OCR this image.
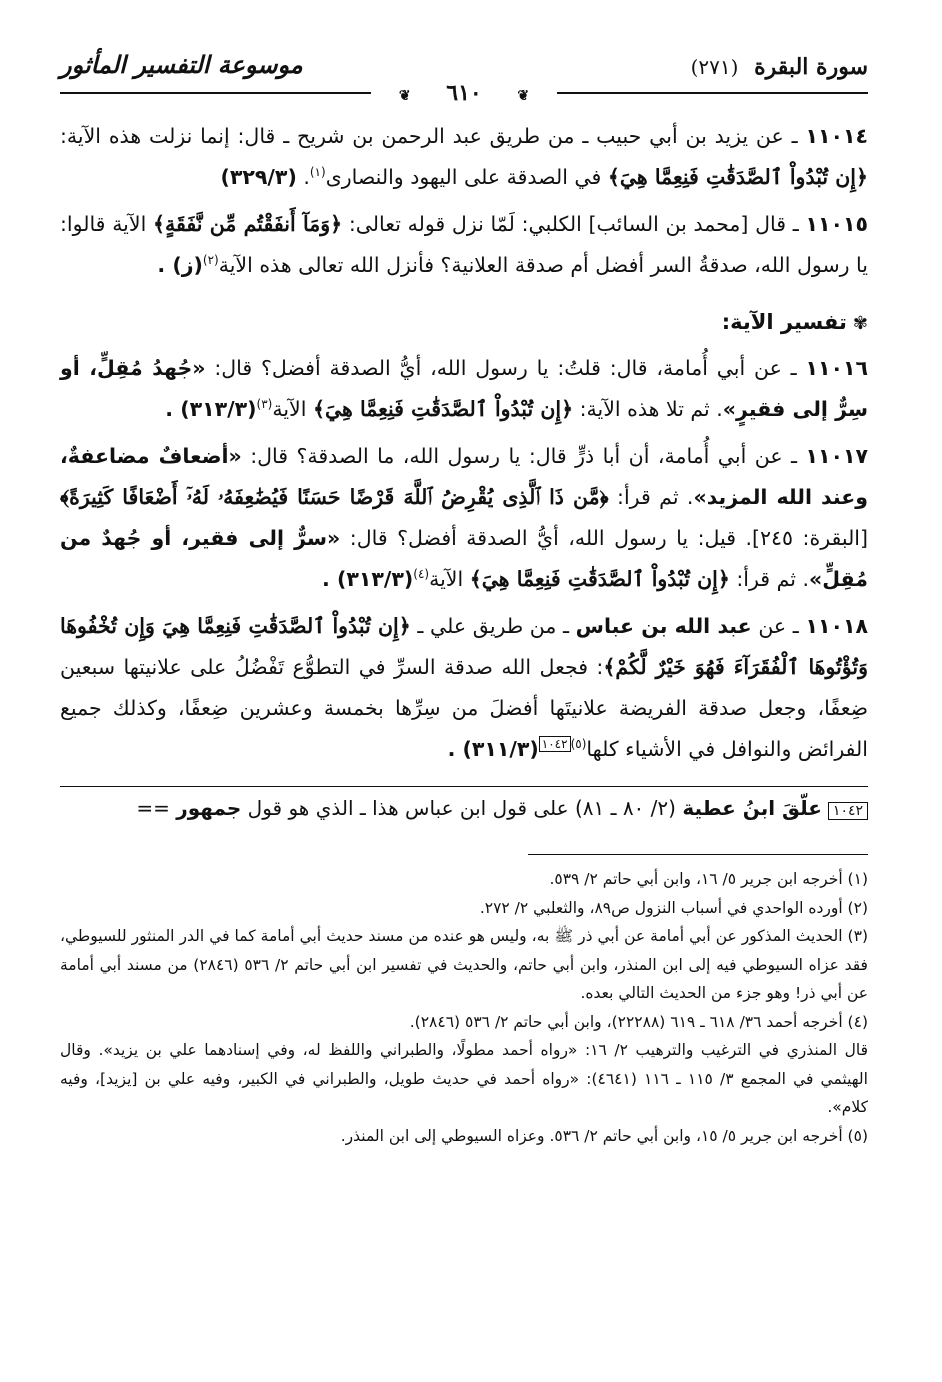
سورة البقرة (٢٧١)
موسوعة التفسير المأثور
❦ ٦١٠ ❦

١١٠١٤ ـ عن يزيد بن أبي حبيب ـ من طريق عبد الرحمن بن شريح ـ قال: إنما نزلت هذه الآية: ﴿إِن تُبْدُواْ ٱلصَّدَقَٰتِ فَنِعِمَّا هِيَ﴾ في الصدقة على اليهود والنصارى$^{(١)}$. (٣٢٩/٣)

١١٠١٥ ـ قال [محمد بن السائب] الكلبي: لَمّا نزل قوله تعالى: ﴿وَمَآ أَنفَقْتُم مِّن نَّفَقَةٍ﴾ الآية قالوا: يا رسول الله، صدقةُ السر أفضل أم صدقة العلانية؟ فأنزل الله تعالى هذه الآية$^{(٢)}$. (ز)

✾تفسير الآية:

١١٠١٦ ـ عن أبي أُمامة، قال: قلتُ: يا رسول الله، أيُّ الصدقة أفضل؟ قال: «جُهدُ مُقِلٍّ، أو سِرٌّ إلى فقيرٍ». ثم تلا هذه الآية: ﴿إِن تُبْدُواْ ٱلصَّدَقَٰتِ فَنِعِمَّا هِيَ﴾ الآية$^{(٣)}$. (٣١٣/٣)

١١٠١٧ ـ عن أبي أُمامة، أن أبا ذرٍّ قال: يا رسول الله، ما الصدقة؟ قال: «أضعافٌ مضاعفةٌ، وعند الله المزيد». ثم قرأ: ﴿مَّن ذَا ٱلَّذِى يُقْرِضُ ٱللَّهَ قَرْضًا حَسَنًا فَيُضَٰعِفَهُۥ لَهُۥٓ أَضْعَافًا كَثِيرَةً﴾ [البقرة: ٢٤٥]. قيل: يا رسول الله، أيُّ الصدقة أفضل؟ قال: «سرٌّ إلى فقير، أو جُهدٌ من مُقِلٍّ». ثم قرأ: ﴿إِن تُبْدُواْ ٱلصَّدَقَٰتِ فَنِعِمَّا هِيَ﴾ الآية$^{(٤)}$. (٣١٣/٣)

١١٠١٨ ـ عن عبد الله بن عباس ـ من طريق علي ـ ﴿إِن تُبْدُواْ ٱلصَّدَقَٰتِ فَنِعِمَّا هِيَ وَإِن تُخْفُوهَا وَتُؤْتُوهَا ٱلْفُقَرَآءَ فَهُوَ خَيْرٌ لَّكُمْ﴾: فجعل الله صدقة السرِّ في التطوُّع تَفْضُلُ على علانيتها سبعين ضِعفًا، وجعل صدقة الفريضة علانيتَها أفضلَ من سِرِّها بخمسة وعشرين ضِعفًا، وكذلك جميع الفرائض والنوافل في الأشياء كلها$^{(٥)١٠٤٢}$. (٣١١/٣)

١٠٤٢علّقَ ابنُ عطية (٢/ ٨٠ ـ ٨١) على قول ابن عباس هذا ـ الذي هو قول جمهور ==

(١) أخرجه ابن جرير ٥/ ١٦، وابن أبي حاتم ٢/ ٥٣٩.

(٢) أورده الواحدي في أسباب النزول ص٨٩، والثعلبي ٢/ ٢٧٢.

(٣) الحديث المذكور عن أبي أمامة عن أبي ذر ﷺ به، وليس هو عنده من مسند حديث أبي أمامة كما في الدر المنثور للسيوطي، فقد عزاه السيوطي فيه إلى ابن المنذر، وابن أبي حاتم، والحديث في تفسير ابن أبي حاتم ٢/ ٥٣٦ (٢٨٤٦) من مسند أبي أمامة عن أبي ذر! وهو جزء من الحديث التالي بعده.

(٤) أخرجه أحمد ٣٦/ ٦١٨ ـ ٦١٩ (٢٢٢٨٨)، وابن أبي حاتم ٢/ ٥٣٦ (٢٨٤٦).

قال المنذري في الترغيب والترهيب ٢/ ١٦: «رواه أحمد مطولًا، والطبراني واللفظ له، وفي إسنادهما علي بن يزيد». وقال الهيثمي في المجمع ٣/ ١١٥ ـ ١١٦ (٤٦٤١): «رواه أحمد في حديث طويل، والطبراني في الكبير، وفيه علي بن [يزيد]، وفيه كلام».

(٥) أخرجه ابن جرير ٥/ ١٥، وابن أبي حاتم ٢/ ٥٣٦. وعزاه السيوطي إلى ابن المنذر.
